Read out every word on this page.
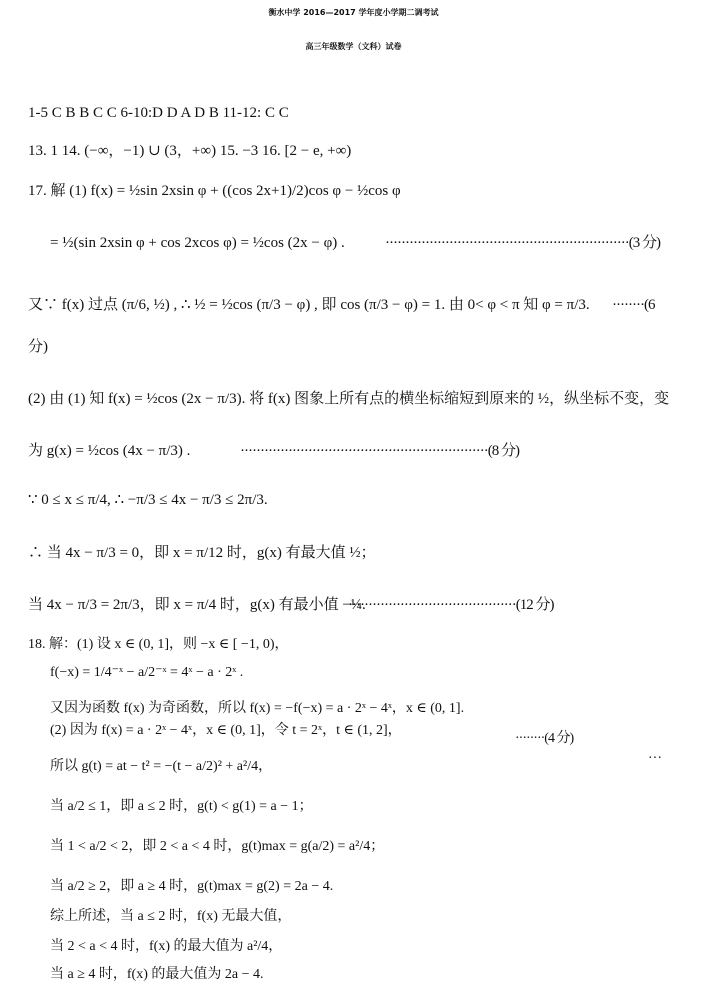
衡水中学 2016—2017 学年度小学期二调考试
高三年级数学（文科）试卷
1-5 C B B C C 6-10:D D A D B 11-12: C C
13. 1 14. (−∞，−1) ∪ (3，+∞) 15. −3 16. [2 − e, +∞)
17. 解 (1) f(x) = ½sin 2xsin φ + ((cos 2x+1)/2)cos φ − ½cos φ
= ½(sin 2xsin φ + cos 2xcos φ) = ½cos (2x − φ) .	·····························································(3 分)
又∵ f(x) 过点 (π/6, ½) , ∴ ½ = ½cos (π/3 − φ) , 即 cos (π/3 − φ) = 1. 由 0< φ < π 知 φ = π/3. ········(6
分)
(2) 由 (1) 知 f(x) = ½cos (2x − π/3). 将 f(x) 图象上所有点的横坐标缩短到原来的 ½，纵坐标不变，变
为 g(x) = ½cos (4x − π/3) .	······························································(8 分)
∵ 0 ≤ x ≤ π/4, ∴ −π/3 ≤ 4x − π/3 ≤ 2π/3.
∴ 当 4x − π/3 = 0，即 x = π/12 时，g(x) 有最大值 ½；
当 4x − π/3 = 2π/3，即 x = π/4 时，g(x) 有最小值 −¼.
··········································(12 分)
18. 解：(1) 设 x ∈ (0, 1]，则 −x ∈ [ −1, 0)，
f(−x) = 1/4⁻ˣ − a/2⁻ˣ = 4ˣ − a · 2ˣ .
又因为函数 f(x) 为奇函数，所以 f(x) = −f(−x) = a · 2ˣ − 4ˣ，x ∈ (0, 1].
(2) 因为 f(x) = a · 2ˣ − 4ˣ，x ∈ (0, 1]，令 t = 2ˣ，t ∈ (1, 2]，
········(4 分)
所以 g(t) = at − t² = −(t − a/2)² + a²/4，
···
当 a/2 ≤ 1，即 a ≤ 2 时，g(t) < g(1) = a − 1；
当 1 < a/2 < 2，即 2 < a < 4 时，g(t)max = g(a/2) = a²/4；
当 a/2 ≥ 2，即 a ≥ 4 时，g(t)max = g(2) = 2a − 4.
综上所述，当 a ≤ 2 时，f(x) 无最大值，
当 2 < a < 4 时，f(x) 的最大值为 a²/4，
当 a ≥ 4 时，f(x) 的最大值为 2a − 4.
